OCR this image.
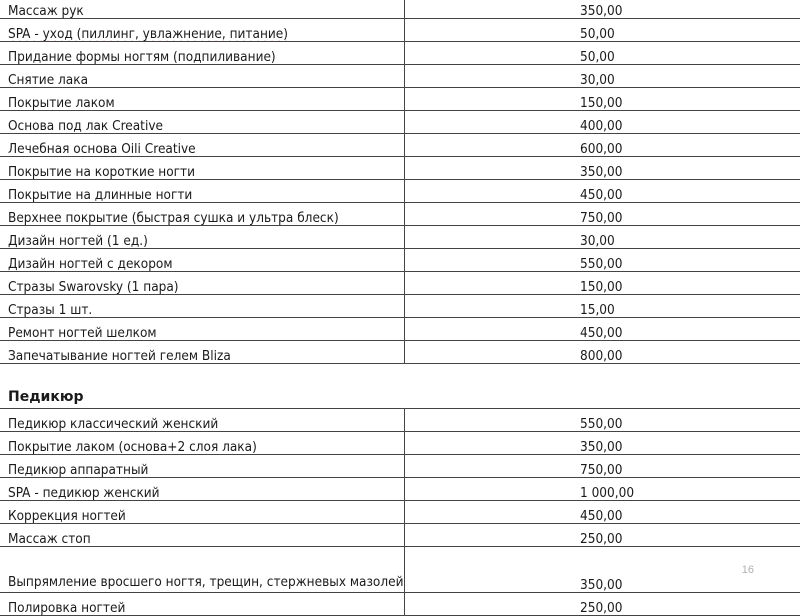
Массаж рук	350,00
SPA - уход (пиллинг, увлажнение, питание)	50,00
Придание формы ногтям (подпиливание)	50,00
Снятие лака	30,00
Покрытие лаком	150,00
Основа под лак Creative	400,00
Лечебная основа Oili Creative	600,00
Покрытие на короткие ногти	350,00
Покрытие на длинные ногти	450,00
Верхнее покрытие (быстрая сушка и ультра блеск)	750,00
Дизайн ногтей (1 ед.)	30,00
Дизайн ногтей с декором	550,00
Стразы Swarovsky (1 пара)	150,00
Стразы 1 шт.	15,00
Ремонт ногтей шелком	450,00
Запечатывание ногтей гелем Bliza	800,00
Педикюр
Педикюр классический женский	550,00
Покрытие лаком (основа+2 слоя лака)	350,00
Педикюр аппаратный	750,00
SPA - педикюр женский	1 000,00
Коррекция ногтей	450,00
Массаж стоп	250,00
Выпрямление вросшего ногтя, трещин, стержневых мазолей	350,00
Полировка ногтей	250,00
16
